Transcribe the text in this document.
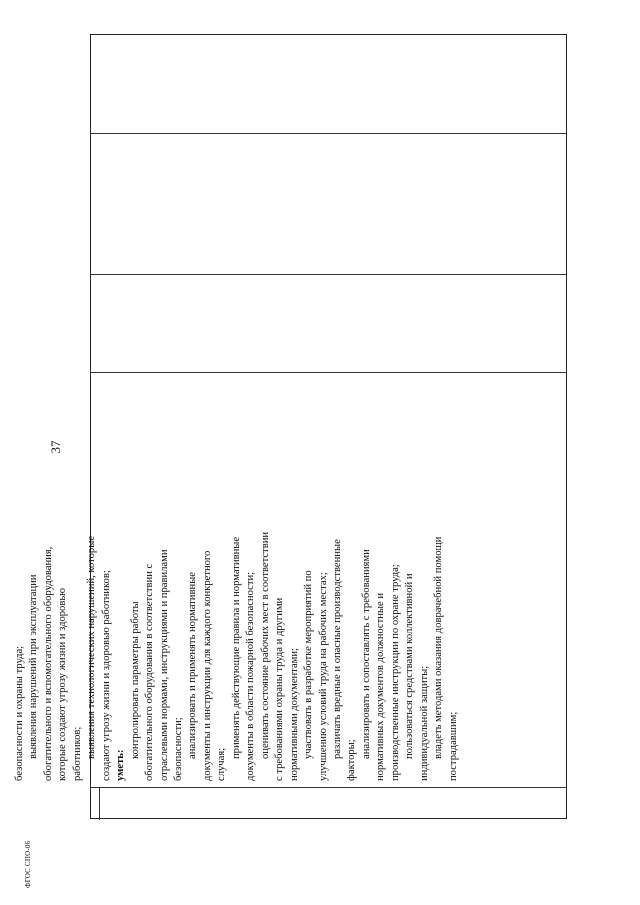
37
ФГОС СПО-06
безопасности и охраны труда; выявления нарушений при эксплуатации обогатительного и вспомогательного оборудования, которые создают угрозу жизни и здоровью работников; выявления технологических нарушений, которые создают угрозу жизни и здоровью работников; уметь:
контролировать параметры работы обогатительного оборудования в соответствии с отраслевыми нормами, инструкциями и правилами безопасности; анализировать и применять нормативные документы и инструкции для каждого конкретного случая;
применять действующие правила и нормативные документы в области пожарной безопасности; оценивать состояние рабочих мест в соответствии с требованиями охраны труда и другими нормативными документами; участвовать в разработке мероприятий по улучшению условий труда на рабочих местах; различать вредные и опасные производственные
факторы;
анализировать и сопоставлять с требованиями нормативных документов должностные и производственные инструкции по охране труда; пользоваться средствами коллективной и индивидуальной защиты; владеть методами оказания доврачебной помощи пострадавшим;
